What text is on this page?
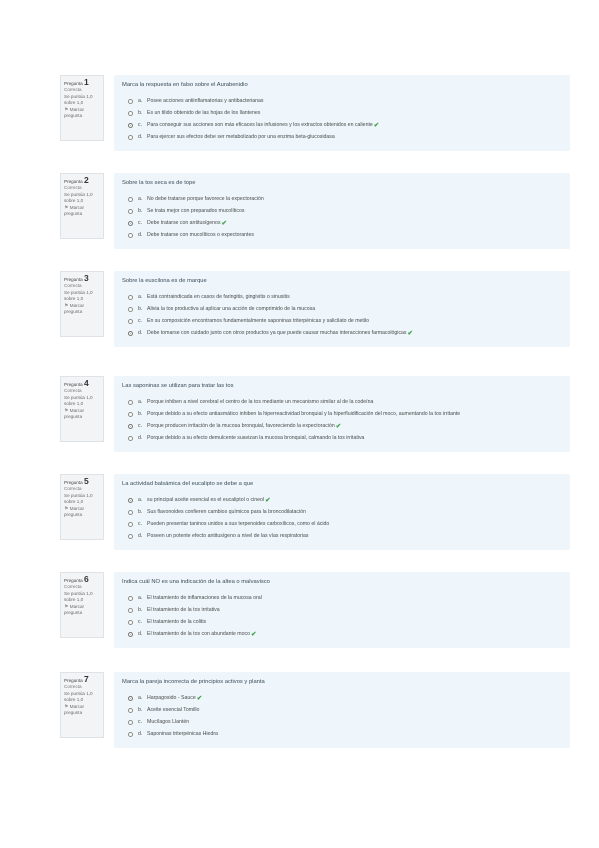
Pregunta 1
Correcta
Se puntúa 1,0 sobre 1,0
⚑ Marcar pregunta
Marca la respuesta en falso sobre el Aurabenidio
a. Posee acciones antiinflamatorias y antibacterianas
b. Es un tilido obtenido de las hojas de los llantenes
c. Para conseguir sus acciones son más eficaces las infusiones y los extractos obtenidos en caliente ✔
d. Para ejercer sus efectos debe ser metabolizado por una enzima beta-glucosidasa
Pregunta 2
Correcta
Se puntúa 1,0 sobre 1,0
⚑ Marcar pregunta
Sobre la tos seca es de tope
a. No debe tratarse porque favorece la expectoración
b. Se trata mejor con preparados mucolíticos
c. Debe tratarse con antitusígenos ✔
d. Debe tratarse con mucolíticos o expectorantes
Pregunta 3
Correcta
Se puntúa 1,0 sobre 1,0
⚑ Marcar pregunta
Sobre la euscilona es de marque
a. Está contraindicada en casos de faringitis, gingivitis o sinusitis
b. Alivia la tos productiva al aplicar una acción de comprimido de la mucosa
c. En su composición encontramos fundamentalmente saponinas triterpénicas y salicilato de metilo
d. Debe tomarse con cuidado junto con otros productos ya que puede causar muchas interacciones farmacológicas ✔
Pregunta 4
Correcta
Se puntúa 1,0 sobre 1,0
⚑ Marcar pregunta
Las saponinas se utilizan para tratar las tos
a. Porque inhiben a nivel cerebral el centro de la tos mediante un mecanismo similar al de la codeína
b. Porque debido a su efecto antiasmático inhiben la hiperreactividad bronquial y la hiperfluidificación del moco, aumentando la tos irritante
c. Porque producen irritación de la mucosa bronquial, favoreciendo la expectoración ✔
d. Porque debido a su efecto demulcente suavizan la mucosa bronquial, calmando la tos irritativa
Pregunta 5
Correcta
Se puntúa 1,0 sobre 1,0
⚑ Marcar pregunta
La actividad balsámica del eucalipto se debe a que
a. su principal aceite esencial es el eucaliptol o cineol ✔
b. Sus flavonoides confieren cambios químicos para la broncodilatación
c. Pueden presentar taninos unidos a sus terpenoides carboxílicos, como el ácido
d. Poseen un potente efecto antitusígeno a nivel de las vías respiratorias
Pregunta 6
Correcta
Se puntúa 1,0 sobre 1,0
⚑ Marcar pregunta
Indica cuál NO es una indicación de la altea o malvavisco
a. El tratamiento de inflamaciones de la mucosa oral
b. El tratamiento de la tos irritativa
c. El tratamiento de la colitis
d. El tratamiento de la tos con abundante moco ✔
Pregunta 7
Correcta
Se puntúa 1,0 sobre 1,0
⚑ Marcar pregunta
Marca la pareja incorrecta de principios activos y planta
a. Harpagosido - Sauce ✔
b. Aceite esencial Tomillo
c. Mucílagos Llantén
d. Saponinas triterpénicas Hiedra
